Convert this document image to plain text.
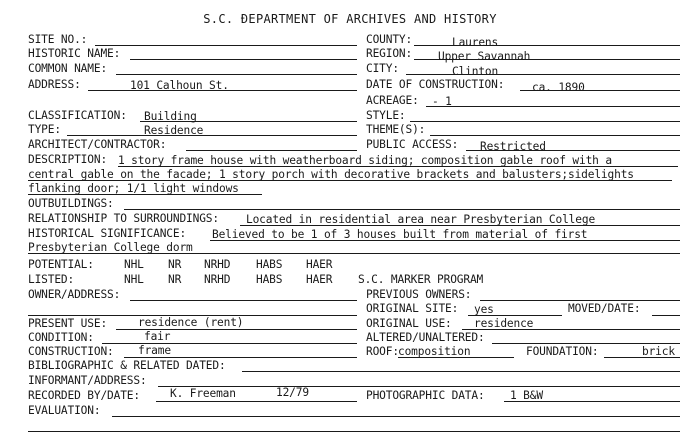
S.C. ĐEPARTMENT OF ARCHIVES AND HISTORY
SITE NO.:	COUNTY:	Laurens
HISTORIC NAME:	REGION: Upper Savannah
COMMON NAME:	CITY:	Clinton
ADDRESS:	101 Calhoun St.	DATE OF CONSTRUCTION: ca. 1890
ACREAGE: - 1
CLASSIFICATION: Building	STYLE:
TYPE:	Residence	THEME(S):
ARCHITECT/CONTRACTOR:	PUBLIC ACCESS: Restricted
DESCRIPTION: 1 story frame house with weatherboard siding; composition gable roof with a
central gable on the facade; 1 story porch with decorative brackets and balusters;sidelights
flanking door; 1/1 light windows
OUTBUILDINGS:
RELATIONSHIP TO SURROUNDINGS: Located in residential area near Presbyterian College
HISTORICAL SIGNIFICANCE: Believed to be 1 of 3 houses built from material of first
Presbyterian College dorm
POTENTIAL:	NHL NR NRHD HABS HAER
LISTED:	NHL NR NRHD HABS HAER S.C. MARKER PROGRAM
OWNER/ADDRESS:	PREVIOUS OWNERS:
ORIGINAL SITE: yes	MOVED/DATE:
PRESENT USE:	residence (rent)	ORIGINAL USE: residence
CONDITION:	fair	ALTERED/UNALTERED:
CONSTRUCTION: frame	ROOF: composition	FOUNDATION:	brick
BIBLIOGRAPHIC & RELATED DATED:
INFORMANT/ADDRESS:
RECORDED BY/DATE:	K. Freeman	12/79	PHOTOGRAPHIC DATA: 1 B&W
EVALUATION:
